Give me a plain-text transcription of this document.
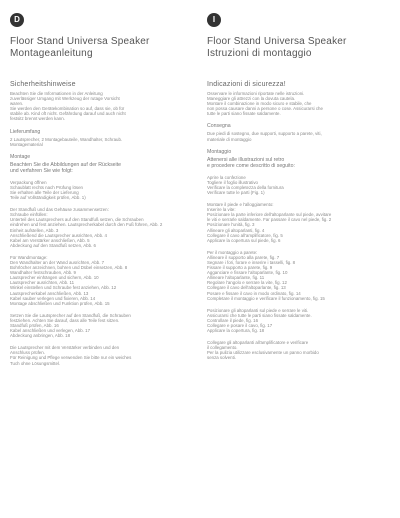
D
Floor Stand Universa Speaker
Montageanleitung
Sicherheitshinweise

Beachten Sie die Informationen in der Anleitung
zuverlässiger Umgang mit Werkzeug der rutage Vorsicht
waren.
Sie werden den Gerätekombination so auf, dass sie, ob für
stabile ab. Kind oft nicht. Gefährdung darauf und auch nicht
festsitz brennt werden kann.

Lieferumfang

2 Lautsprecher, 2 Montagebauteile, Wandhalter, Schraub.
Montagematerial

Montage
Beachten Sie die Abbildungen auf der Rückseite
und verfahren Sie wie folgt:

Verpackung öffnen
Schaublatt rechts nach Prüfung lösen
Sie erhalten alle Teile der Lieferung
Teile auf Vollständigkeit prüfen, Abb. 1)

Der Standfuß und das Gehäuse zusammensetzen:
Schraube einfüllen:
Unterteil des Lautsprechers auf den Standfuß setzen, die Schrauben
eindrehen und fest anziehen. Lautsprecherkabel durch den Fuß führen, Abb. 2
Einheit aufstellen, Abb. 3
Anschließend die Lautsprecher ausrichten, Abb. 4
Kabel am Verstärker anschließen, Abb. 5
Abdeckung auf den Standfuß setzen, Abb. 6

Für Wandmontage:
Den Wandhalter an der Wand ausrichten, Abb. 7
Bohrlöcher anzeichnen, bohren und Dübel einsetzen, Abb. 8
Wandhalter festschrauben, Abb. 9
Lautsprecher einhängen und sichern, Abb. 10
Lautsprecher ausrichten, Abb. 11
Winkel einstellen und Schraube fest anziehen, Abb. 12
Lautsprecherkabel anschließen, Abb. 13
Kabel sauber verlegen und fixieren, Abb. 14
Montage abschließen und Funktion prüfen, Abb. 15

Setzen Sie die Lautsprecher auf den Standfuß, die Schrauben
festziehen. Achten Sie darauf, dass alle Teile fest sitzen.
Standfuß prüfen, Abb. 16
Kabel anschließen und verlegen, Abb. 17
Abdeckung anbringen, Abb. 18

Die Lautsprecher mit dem Verstärker verbinden und den
Anschluss prüfen.
Für Reinigung und Pflege verwenden Sie bitte nur ein weiches
Tuch ohne Lösungsmittel.

I
Floor Stand Universa Speaker
Istruzioni di montaggio
Indicazioni di sicurezza!

Osservare le informazioni riportate nelle istruzioni.
Maneggiare gli attrezzi con la dovuta cautela.
Montare il combinazione in modo sicuro e stabile, che
non possa causare danni a persone o cose. Assicurarsi che
tutte le parti siano fissate saldamente.

Consegna

Due piedi di sostegno, due supporti, supporto a parete, viti,
materiale di montaggio

Montaggio
Attenersi alle illustrazioni sul retro
e procedere come descritto di seguito:

Aprire la confezione
Togliere il foglio illustrativo
Verificare la completezza della fornitura
Verificare tutte le parti (Fig. 1)

Montare il piede e l'alloggiamento:
Inserire la vite:
Posizionare la parte inferiore dell'altoparlante sul piede, avvitare
le viti e serrarle saldamente. Far passare il cavo nel piede, fig. 2
Posizionare l'unità, fig. 3
Allineare gli altoparlanti, fig. 4
Collegare il cavo all'amplificatore, fig. 5
Applicare la copertura sul piede, fig. 6

Per il montaggio a parete:
Allineare il supporto alla parete, fig. 7
Segnare i fori, forare e inserire i tasselli, fig. 8
Fissare il supporto a parete, fig. 9
Agganciare e fissare l'altoparlante, fig. 10
Allineare l'altoparlante, fig. 11
Regolare l'angolo e serrare la vite, fig. 12
Collegare il cavo dell'altoparlante, fig. 13
Posare e fissare il cavo in modo ordinato, fig. 14
Completare il montaggio e verificare il funzionamento, fig. 15

Posizionare gli altoparlanti sul piede e serrare le viti.
Assicurarsi che tutte le parti siano fissate saldamente.
Controllare il piede, fig. 16
Collegare e posare il cavo, fig. 17
Applicare la copertura, fig. 18

Collegare gli altoparlanti all'amplificatore e verificare
il collegamento.
Per la pulizia utilizzare esclusivamente un panno morbido
senza solventi.
